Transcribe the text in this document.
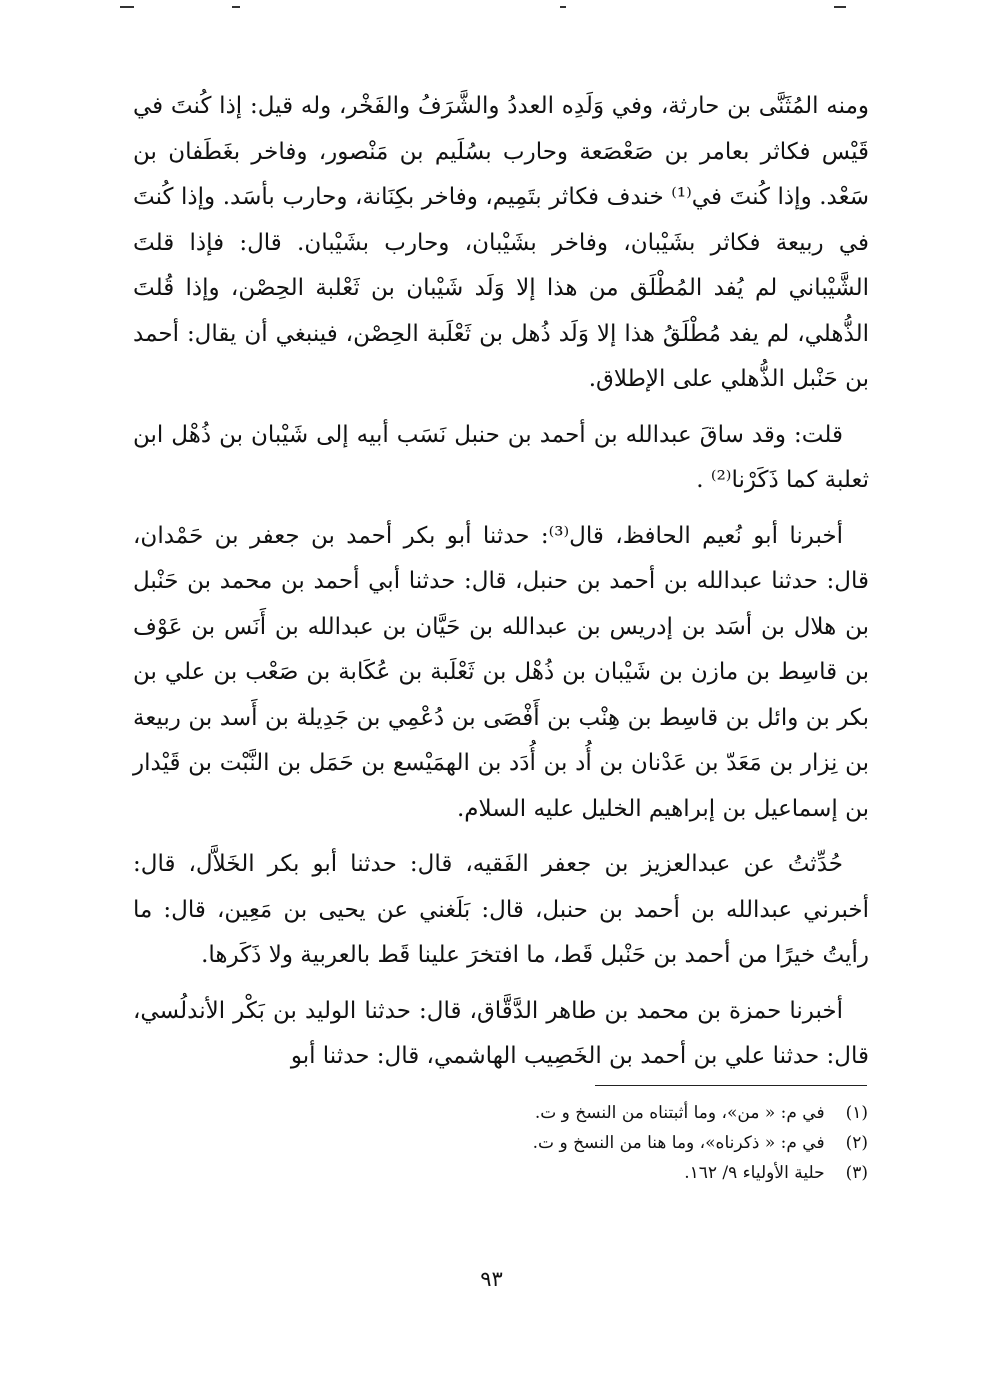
ومنه المُثَنَّى بن حارثة، وفي وَلَدِه العددُ والشَّرَفُ والفَخْر، وله قيل: إذا كُنتَ في قَيْس فكاثر بعامر بن صَعْصَعة وحارب بسُلَيم بن مَنْصور، وفاخر بغَطَفان بن سَعْد. وإذا كُنتَ في⁽¹⁾ خندف فكاثر بتَمِيم، وفاخر بكِنَانة، وحارب بأسَد. وإذا كُنتَ في ربيعة فكاثر بشَيْبان، وفاخر بشَيْبان، وحارب بشَيْبان. قال: فإذا قلتَ الشَّيْباني لم يُفد المُطْلَق من هذا إلا وَلَد شَيْبان بن ثَعْلبة الحِصْن، وإذا قُلتَ الذُّهلي، لم يفد مُطْلَقُ هذا إلا وَلَد ذُهل بن ثَعْلَبة الحِصْن، فينبغي أن يقال: أحمد بن حَنْبل الذُّهلي على الإطلاق.

قلت: وقد ساقَ عبدالله بن أحمد بن حنبل نَسَب أبيه إلى شَيْبان بن ذُهْل ابن ثعلبة كما ذَكَرْنا⁽²⁾ .

أخبرنا أبو نُعيم الحافظ، قال⁽³⁾: حدثنا أبو بكر أحمد بن جعفر بن حَمْدان، قال: حدثنا عبدالله بن أحمد بن حنبل، قال: حدثنا أبي أحمد بن محمد بن حَنْبل بن هلال بن أسَد بن إدريس بن عبدالله بن حَيَّان بن عبدالله بن أَنَس بن عَوْف بن قاسِط بن مازن بن شَيْبان بن ذُهْل بن ثَعْلَبة بن عُكَابة بن صَعْب بن علي بن بكر بن وائل بن قاسِط بن هِنْب بن أَفْصَى بن دُعْمِي بن جَدِيلة بن أَسد بن ربيعة بن نِزار بن مَعَدّ بن عَدْنان بن أُد بن أُدَد بن الهمَيْسع بن حَمَل بن النَّبْت بن قَيْدار بن إسماعيل بن إبراهيم الخليل عليه السلام.

حُدِّثتُ عن عبدالعزيز بن جعفر الفَقيه، قال: حدثنا أبو بكر الخَلاَّل، قال: أخبرني عبدالله بن أحمد بن حنبل، قال: بَلَغني عن يحيى بن مَعِين، قال: ما رأيتُ خيرًا من أحمد بن حَنْبل قَط، ما افتخرَ علينا قَط بالعربية ولا ذَكَرها.

أخبرنا حمزة بن محمد بن طاهر الدَّقَّاق، قال: حدثنا الوليد بن بَكْر الأندلُسي، قال: حدثنا علي بن أحمد بن الخَصِيب الهاشمي، قال: حدثنا أبو

(١) في م: « من»، وما أثبتناه من النسخ و ت.
(٢) في م: « ذكرناه»، وما هنا من النسخ و ت.
(٣) حلية الأولياء ٩/ ١٦٢.
٩٣
